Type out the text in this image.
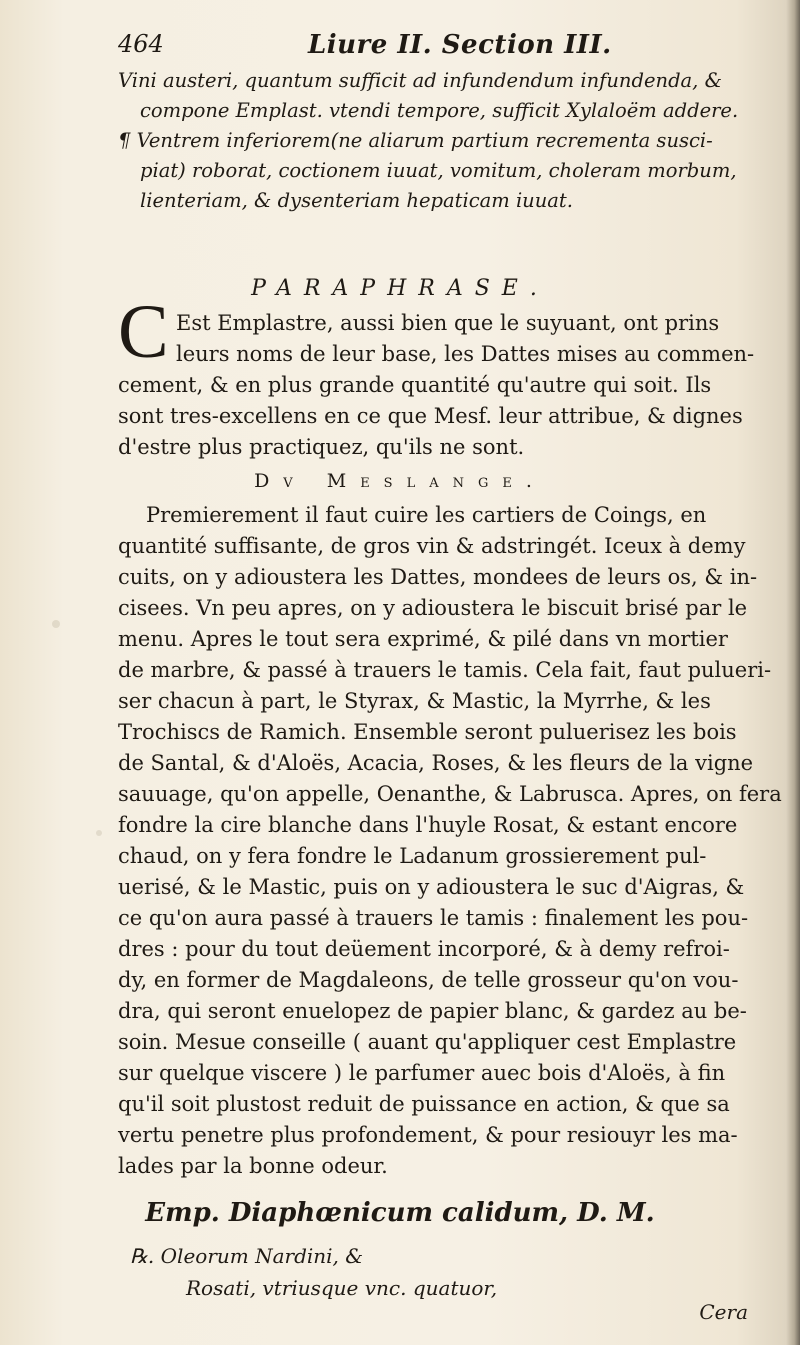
464	Liure II. Section III.
Vini austeri, quantum sufficit ad infundendum infundenda, &
compone Emplast. vtendi tempore, sufficit Xylaloëm addere.
¶ Ventrem inferiorem(ne aliarum partium recrementa susci-
piat) roborat, coctionem iuuat, vomitum, choleram morbum,
lienteriam, & dysenteriam hepaticam iuuat.
PARAPHRASE.
C Est Emplastre, aussi bien que le suyuant, ont prins
leurs noms de leur base, les Dattes mises au commen-
cement, & en plus grande quantité qu'autre qui soit. Ils
sont tres-excellens en ce que Mesf. leur attribue, & dignes
d'estre plus practiquez, qu'ils ne sont.
Dv Meslange.
Premierement il faut cuire les cartiers de Coings, en
quantité suffisante, de gros vin & adstringét. Iceux à demy
cuits, on y adioustera les Dattes, mondees de leurs os, & in-
cisees. Vn peu apres, on y adioustera le biscuit brisé par le
menu. Apres le tout sera exprimé, & pilé dans vn mortier
de marbre, & passé à trauers le tamis. Cela fait, faut pulueri-
ser chacun à part, le Styrax, & Mastic, la Myrrhe, & les
Trochiscs de Ramich. Ensemble seront puluerisez les bois
de Santal, & d'Aloës, Acacia, Roses, & les fleurs de la vigne
sauuage, qu'on appelle, Oenanthe, & Labrusca. Apres, on fera
fondre la cire blanche dans l'huyle Rosat, & estant encore
chaud, on y fera fondre le Ladanum grossierement pul-
uerisé, & le Mastic, puis on y adioustera le suc d'Aigras, &
ce qu'on aura passé à trauers le tamis : finalement les pou-
dres : pour du tout deüement incorporé, & à demy refroi-
dy, en former de Magdaleons, de telle grosseur qu'on vou-
dra, qui seront enuelopez de papier blanc, & gardez au be-
soin. Mesue conseille ( auant qu'appliquer cest Emplastre
sur quelque viscere ) le parfumer auec bois d'Aloës, à fin
qu'il soit plustost reduit de puissance en action, & que sa
vertu penetre plus profondement, & pour resiouyr les ma-
lades par la bonne odeur.
Emp. Diaphœnicum calidum, D. M.
℞. Oleorum Nardini, &
Rosati, vtriusque vnc. quatuor,
Cera
